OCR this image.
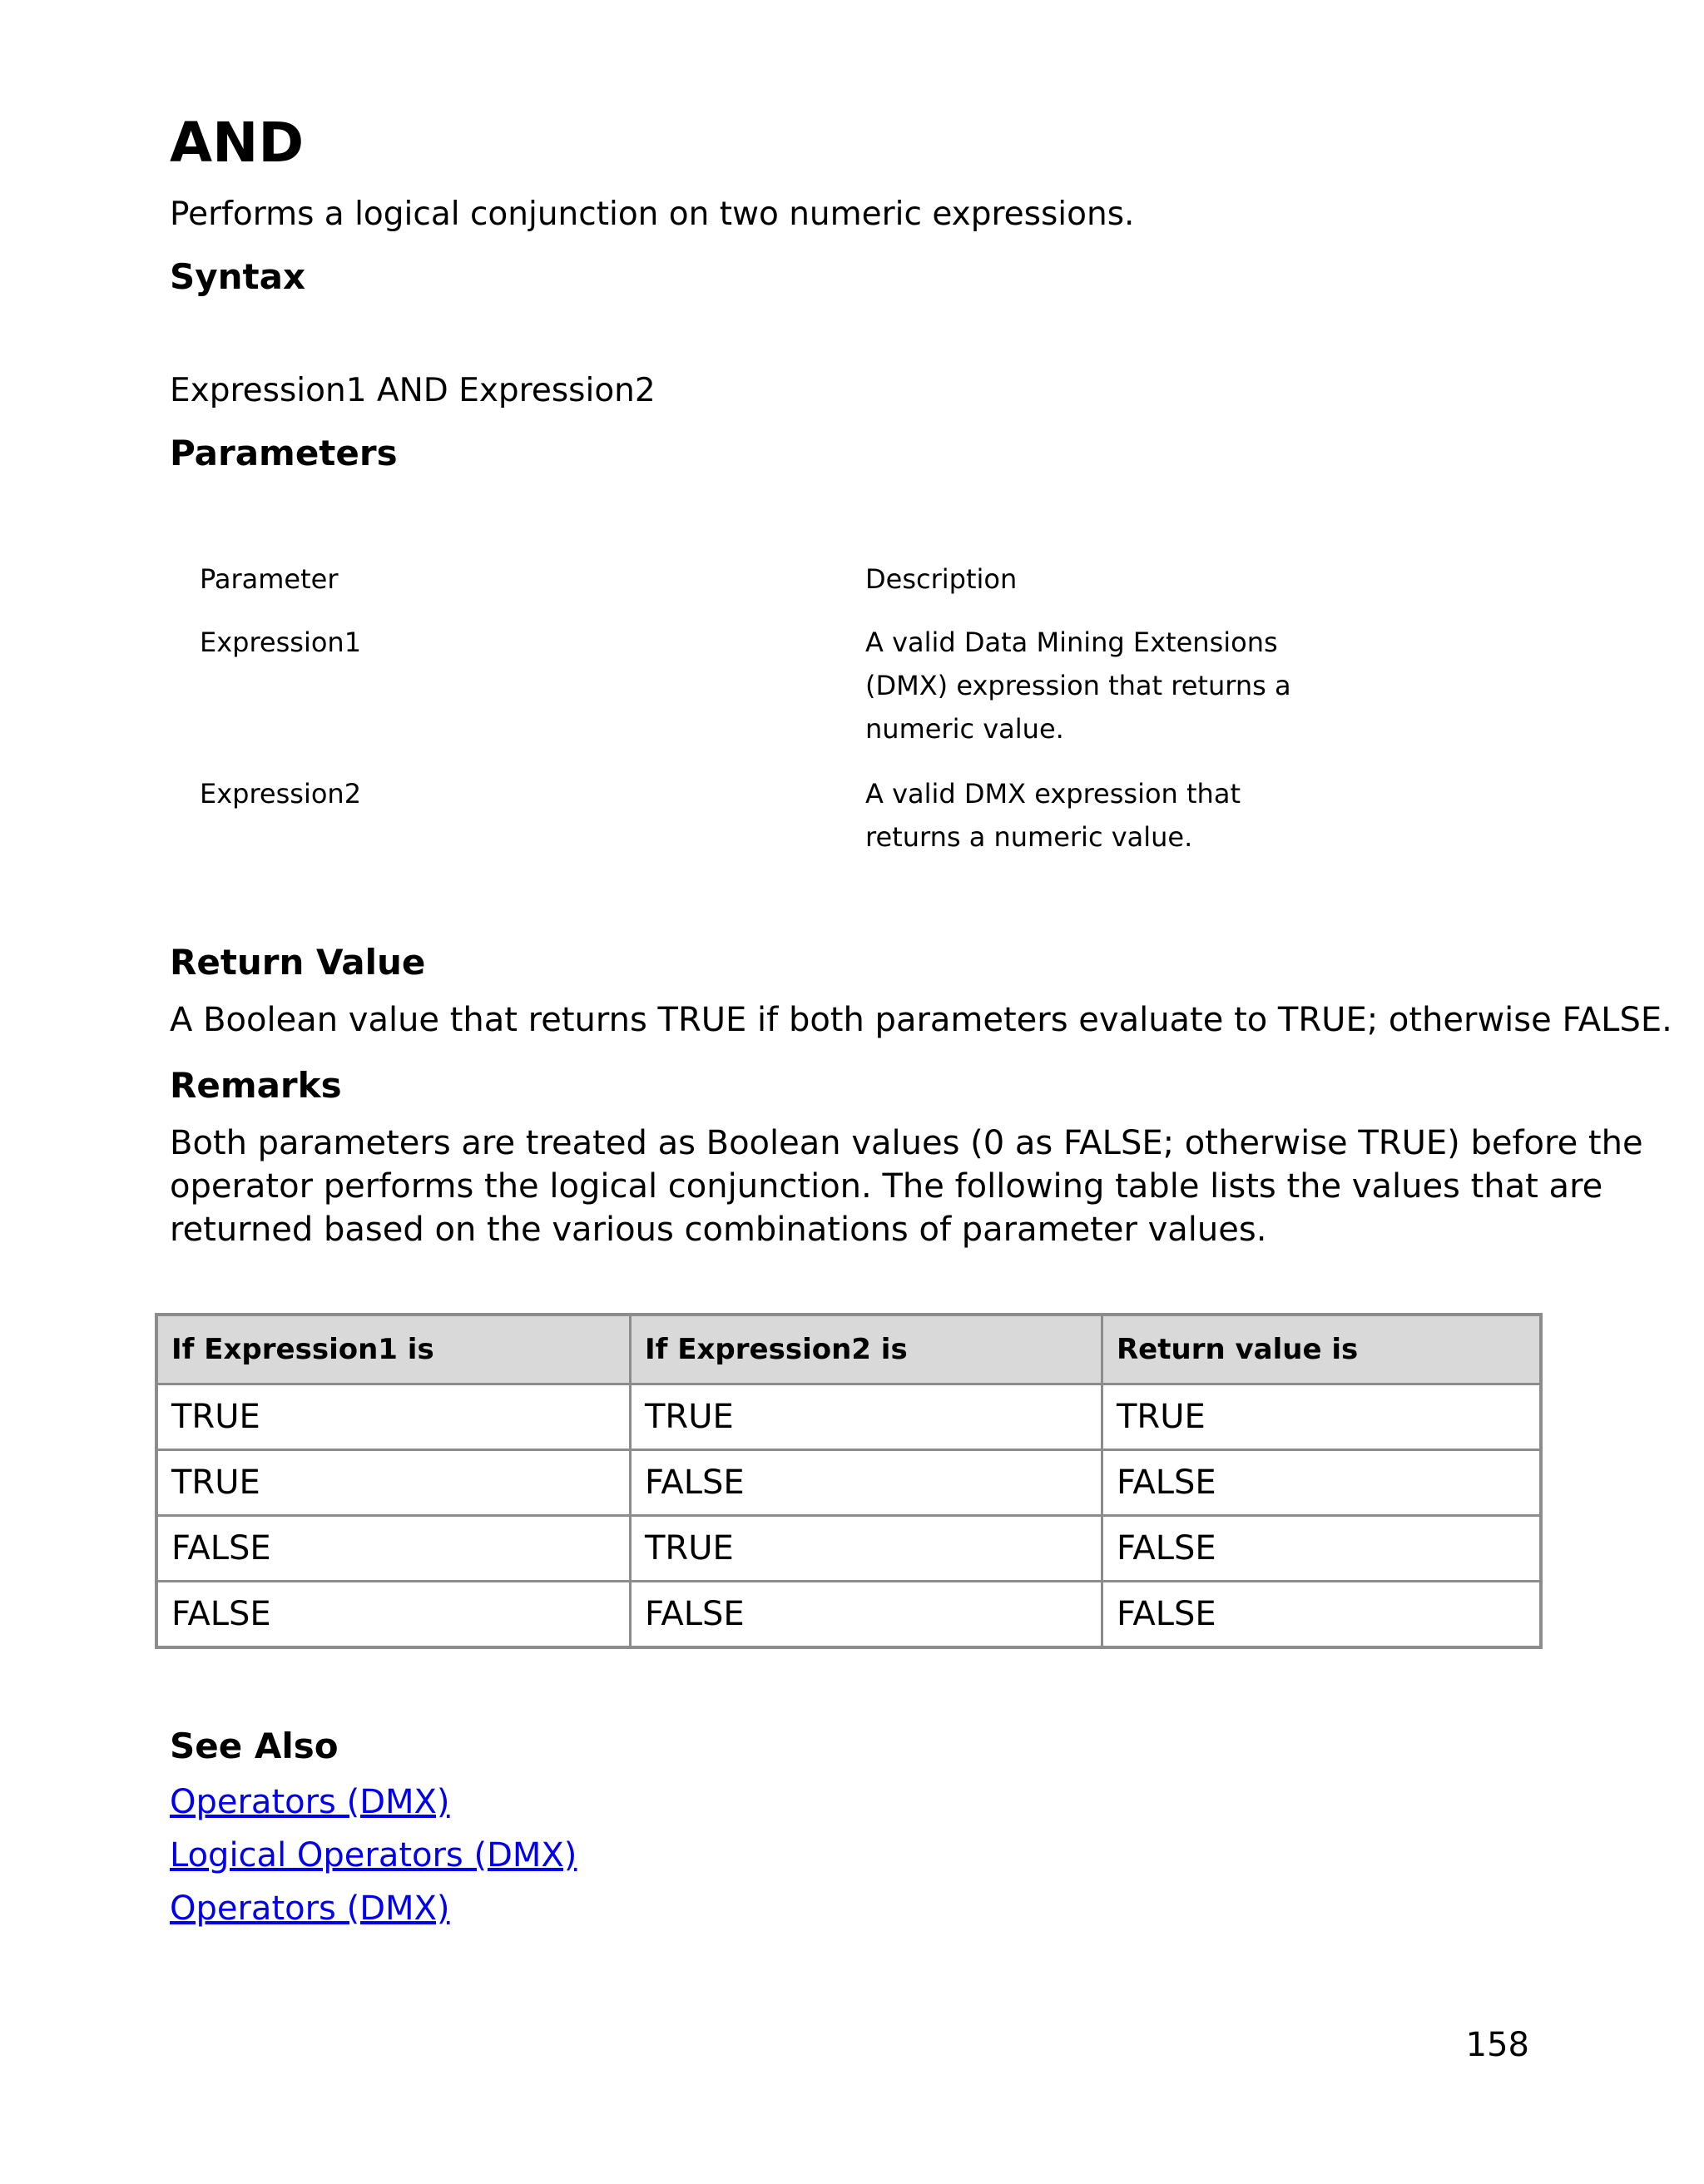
AND
Performs a logical conjunction on two numeric expressions.
Syntax
Expression1 AND Expression2
Parameters
Parameter	Description
Expression1	A valid Data Mining Extensions
(DMX) expression that returns a
numeric value.
Expression2	A valid DMX expression that
returns a numeric value.
Return Value
A Boolean value that returns TRUE if both parameters evaluate to TRUE; otherwise FALSE.
Remarks
Both parameters are treated as Boolean values (0 as FALSE; otherwise TRUE) before the
operator performs the logical conjunction. The following table lists the values that are
returned based on the various combinations of parameter values.
If Expression1 is	If Expression2 is	Return value is
TRUE	TRUE	TRUE
TRUE	FALSE	FALSE
FALSE	TRUE	FALSE
FALSE	FALSE	FALSE
See Also
Operators (DMX)
Logical Operators (DMX)
Operators (DMX)
158
